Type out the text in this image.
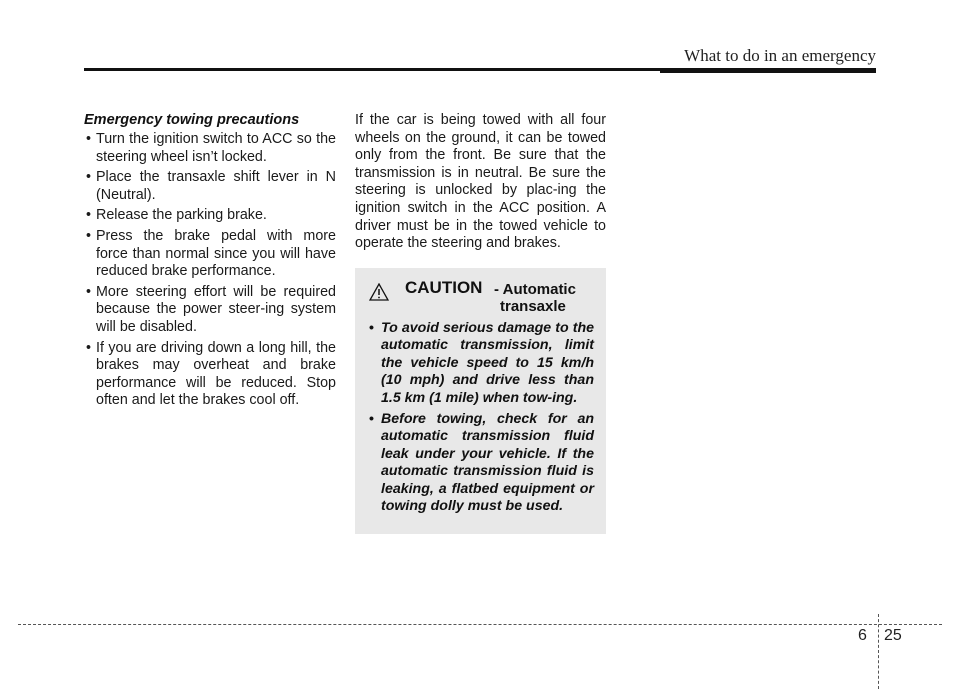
What to do in an emergency
Emergency towing precautions
• Turn the ignition switch to ACC so the steering wheel isn’t locked.
• Place the transaxle shift lever in N (Neutral).
• Release the parking brake.
• Press the brake pedal with more force than normal since you will have reduced brake performance.
• More steering effort will be required because the power steer-ing system will be disabled.
• If you are driving down a long hill, the brakes may overheat and brake performance will be reduced. Stop often and let the brakes cool off.

If the car is being towed with all four wheels on the ground, it can be towed only from the front. Be sure that the transmission is in neutral. Be sure the steering is unlocked by plac-ing the ignition switch in the ACC position. A driver must be in the towed vehicle to operate the steering and brakes.

CAUTION - Automatic
transaxle
• To avoid serious damage to the automatic transmission, limit the vehicle speed to 15 km/h (10 mph) and drive less than 1.5 km (1 mile) when tow-ing.
• Before towing, check for an automatic transmission fluid leak under your vehicle. If the automatic transmission fluid is leaking, a flatbed equipment or towing dolly must be used.
6 25
